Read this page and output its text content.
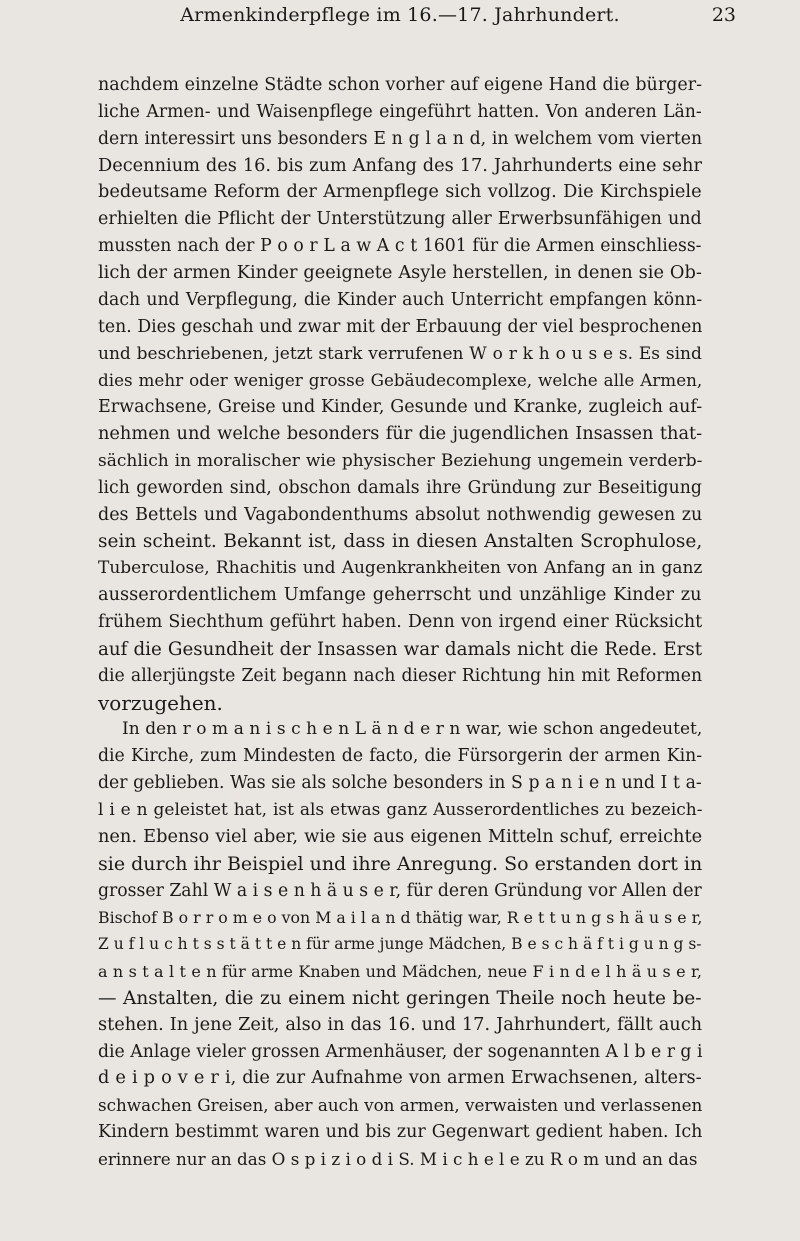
Armenkinderpflege im 16.—17. Jahrhundert.	23
nachdem einzelne Städte schon vorher auf eigene Hand die bürger-
liche Armen- und Waisenpflege eingeführt hatten. Von anderen Län-
dern interessirt uns besonders E n g l a n d, in welchem vom vierten
Decennium des 16. bis zum Anfang des 17. Jahrhunderts eine sehr
bedeutsame Reform der Armenpflege sich vollzog. Die Kirchspiele
erhielten die Pflicht der Unterstützung aller Erwerbsunfähigen und
mussten nach der P o o r L a w A c t 1601 für die Armen einschliess-
lich der armen Kinder geeignete Asyle herstellen, in denen sie Ob-
dach und Verpflegung, die Kinder auch Unterricht empfangen könn-
ten. Dies geschah und zwar mit der Erbauung der viel besprochenen
und beschriebenen, jetzt stark verrufenen W o r k h o u s e s. Es sind
dies mehr oder weniger grosse Gebäudecomplexe, welche alle Armen,
Erwachsene, Greise und Kinder, Gesunde und Kranke, zugleich auf-
nehmen und welche besonders für die jugendlichen Insassen that-
sächlich in moralischer wie physischer Beziehung ungemein verderb-
lich geworden sind, obschon damals ihre Gründung zur Beseitigung
des Bettels und Vagabondenthums absolut nothwendig gewesen zu
sein scheint. Bekannt ist, dass in diesen Anstalten Scrophulose,
Tuberculose, Rhachitis und Augenkrankheiten von Anfang an in ganz
ausserordentlichem Umfange geherrscht und unzählige Kinder zu
frühem Siechthum geführt haben. Denn von irgend einer Rücksicht
auf die Gesundheit der Insassen war damals nicht die Rede. Erst
die allerjüngste Zeit begann nach dieser Richtung hin mit Reformen
vorzugehen.
In den r o m a n i s c h e n L ä n d e r n war, wie schon angedeutet,
die Kirche, zum Mindesten de facto, die Fürsorgerin der armen Kin-
der geblieben. Was sie als solche besonders in S p a n i e n und I t a-
l i e n geleistet hat, ist als etwas ganz Ausserordentliches zu bezeich-
nen. Ebenso viel aber, wie sie aus eigenen Mitteln schuf, erreichte
sie durch ihr Beispiel und ihre Anregung. So erstanden dort in
grosser Zahl W a i s e n h ä u s e r, für deren Gründung vor Allen der
Bischof B o r r o m e o von M a i l a n d thätig war, R e t t u n g s h ä u s e r,
Z u f l u c h t s s t ä t t e n für arme junge Mädchen, B e s c h ä f t i g u n g s-
a n s t a l t e n für arme Knaben und Mädchen, neue F i n d e l h ä u s e r,
— Anstalten, die zu einem nicht geringen Theile noch heute be-
stehen. In jene Zeit, also in das 16. und 17. Jahrhundert, fällt auch
die Anlage vieler grossen Armenhäuser, der sogenannten A l b e r g i
d e i p o v e r i, die zur Aufnahme von armen Erwachsenen, alters-
schwachen Greisen, aber auch von armen, verwaisten und verlassenen
Kindern bestimmt waren und bis zur Gegenwart gedient haben. Ich
erinnere nur an das O s p i z i o d i S. M i c h e l e zu R o m und an das
